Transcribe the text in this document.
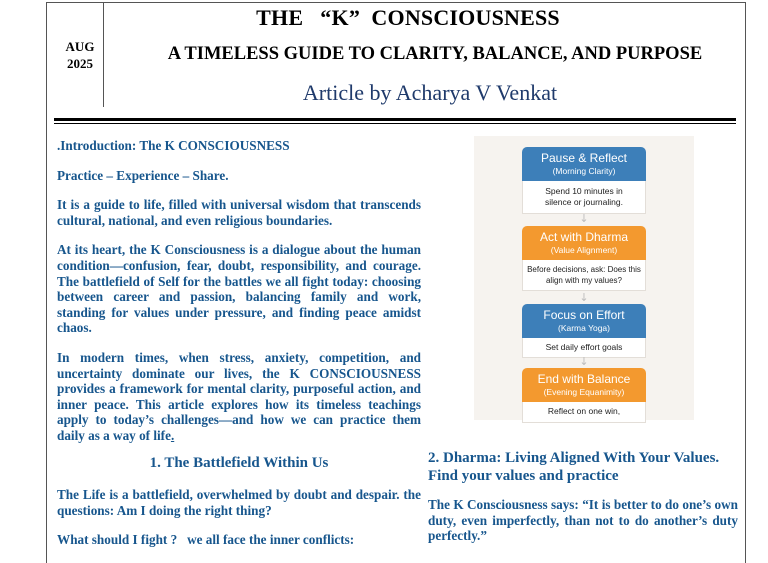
AUG
2025
THE   “K”  CONSCIOUSNESS
A TIMELESS GUIDE TO CLARITY, BALANCE, AND PURPOSE
Article by Acharya V Venkat

.Introduction: The K CONSCIOUSNESS

Practice – Experience – Share.

It is a guide to life, filled with universal wisdom that transcends cultural, national, and even religious boundaries.

At its heart, the K Consciousness is a dialogue about the human condition—confusion, fear, doubt, responsibility, and courage. The battlefield of Self for the battles we all fight today: choosing between career and passion, balancing family and work, standing for values under pressure, and finding peace amidst chaos.

In modern times, when stress, anxiety, competition, and uncertainty dominate our lives, the K CONSCIOUSNESS provides a framework for mental clarity, purposeful action, and inner peace. This article explores how its timeless teachings apply to today’s challenges—and how we can practice them daily as a way of life.

1. The Battlefield Within Us

The Life is a battlefield, overwhelmed by doubt and despair. the questions: Am I doing the right thing?

What should I fight ?   we all face the inner conflicts:

Pause & Reflect
(Morning Clarity)
Spend 10 minutes in silence or journaling.
↓
Act with Dharma
(Value Alignment)
Before decisions, ask: Does this align with my values?
↓
Focus on Effort
(Karma Yoga)
Set daily effort goals
↓
End with Balance
(Evening Equanimity)
Reflect on one win,
2. Dharma: Living Aligned With Your Values. Find your values and practice
The K Consciousness says: “It is better to do one’s own duty, even imperfectly, than not to do another’s duty perfectly.”
